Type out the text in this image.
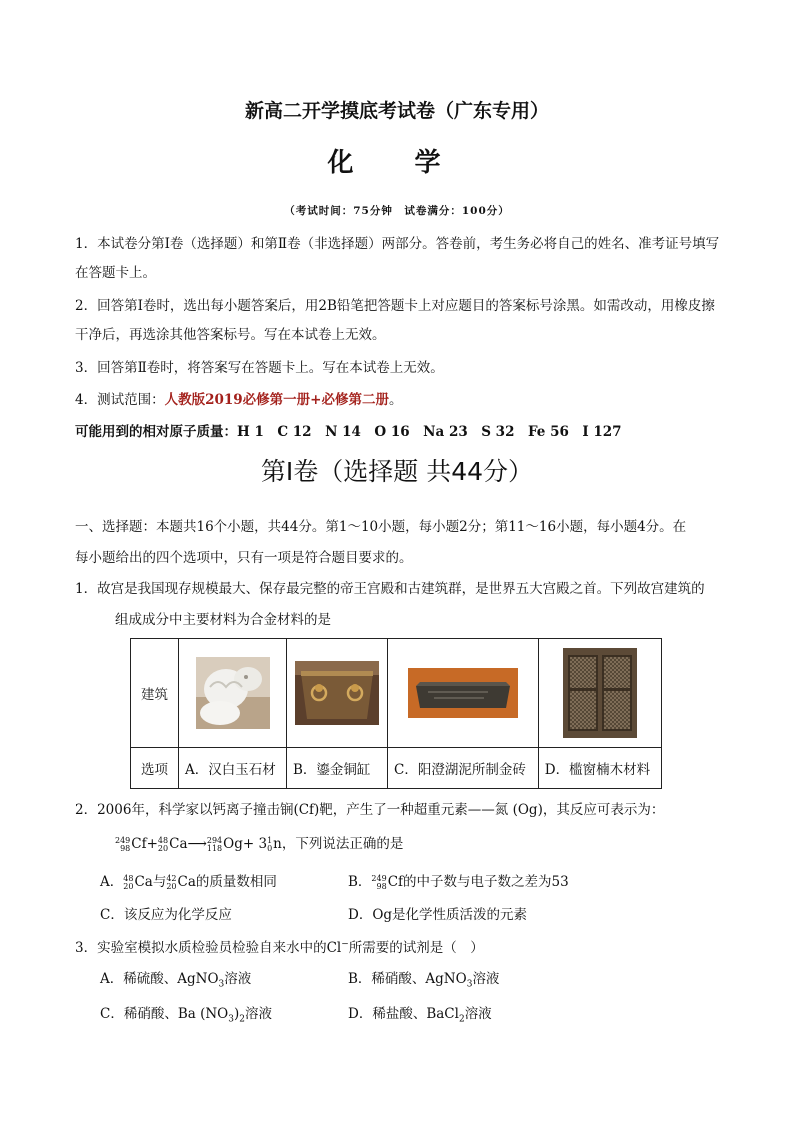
新高二开学摸底考试卷（广东专用）
化 学
（考试时间：75分钟　试卷满分：100分）
1．本试卷分第Ⅰ卷（选择题）和第Ⅱ卷（非选择题）两部分。答卷前，考生务必将自己的姓名、准考证号填写在答题卡上。
2．回答第Ⅰ卷时，选出每小题答案后，用2B铅笔把答题卡上对应题目的答案标号涂黑。如需改动，用橡皮擦干净后，再选涂其他答案标号。写在本试卷上无效。
3．回答第Ⅱ卷时，将答案写在答题卡上。写在本试卷上无效。
4．测试范围：人教版2019必修第一册+必修第二册。
可能用到的相对原子质量：H 1　C 12　N 14　O 16　Na 23　S 32　Fe 56　I 127
第Ⅰ卷（选择题 共44分）
一、选择题：本题共16个小题，共44分。第1～10小题，每小题2分；第11～16小题，每小题4分。在
每小题给出的四个选项中，只有一项是符合题目要求的。
1．故宫是我国现存规模最大、保存最完整的帝王宫殿和古建筑群，是世界五大宫殿之首。下列故宫建筑的
组成成分中主要材料为合金材料的是
建筑	

选项	A．汉白玉石材	B．鎏金铜缸	C．阳澄湖泥所制金砖	D．槛窗楠木材料
2．2006年，科学家以钙离子撞击锎(Cf)靶，产生了一种超重元素——氮 (Og)，其反应可表示为：
249
98 Cf+ 48
20 Ca⟶ 294
118 Og+ 3 1
0 n，下列说法正确的是
A． 48
20 Ca与 42
20 Ca的质量数相同	B． 249
98 Cf的中子数与电子数之差为53
C．该反应为化学反应	D．Og是化学性质活泼的元素
3．实验室模拟水质检验员检验自来水中的Cl−所需要的试剂是（　）
A．稀硫酸、AgNO$_3$溶液	B．稀硝酸、AgNO$_3$溶液
C．稀硝酸、Ba $(NO_3)_2$溶液	D．稀盐酸、BaCl$_2$溶液
